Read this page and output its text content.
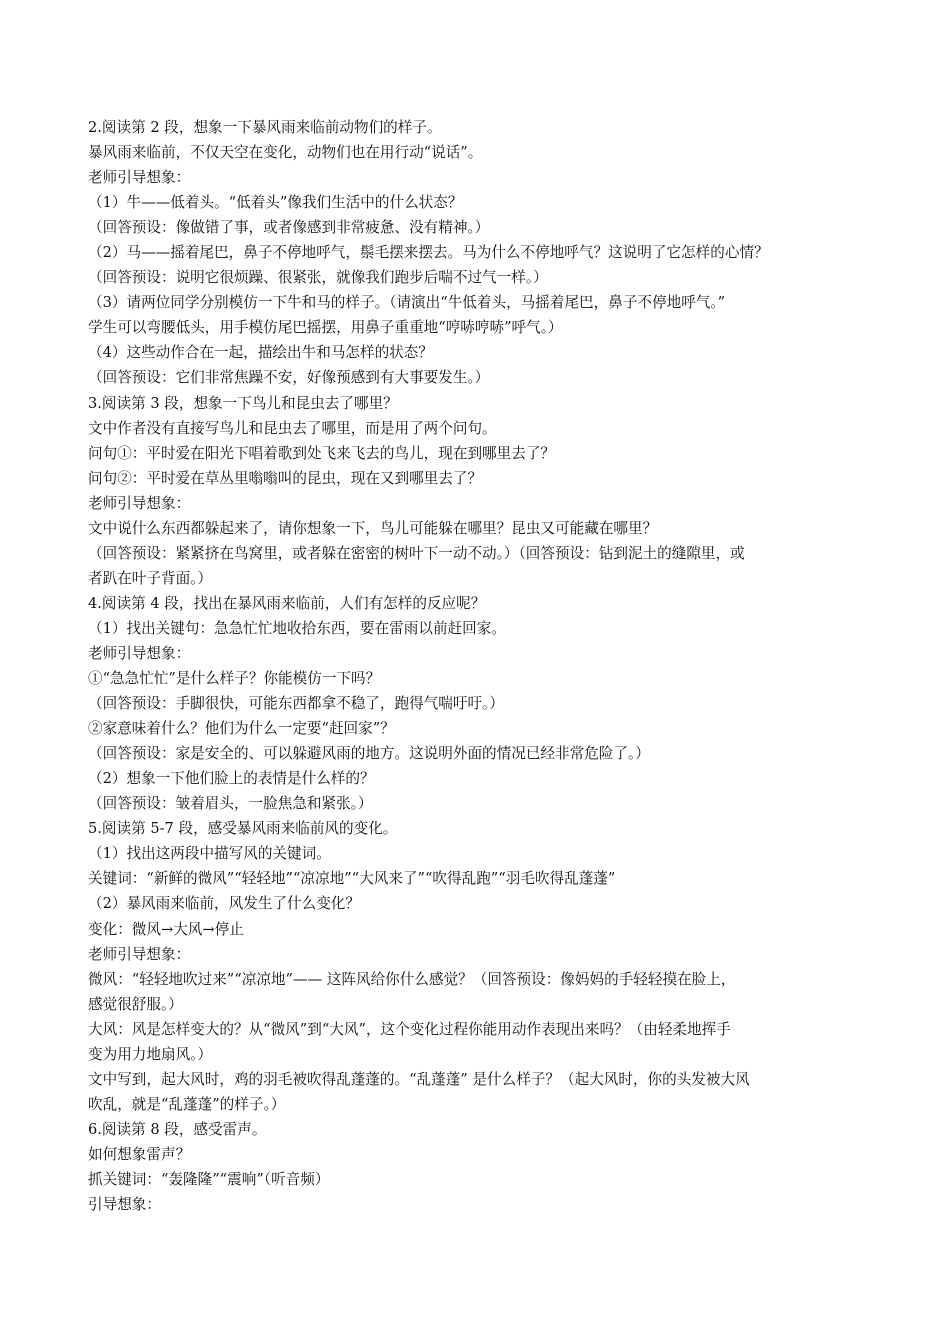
2.阅读第 2 段，想象一下暴风雨来临前动物们的样子。
暴风雨来临前，不仅天空在变化，动物们也在用行动“说话”。
老师引导想象：
（1）牛——低着头。“低着头”像我们生活中的什么状态？
（回答预设：像做错了事，或者像感到非常疲惫、没有精神。）
（2）马——摇着尾巴，鼻子不停地呼气，鬃毛摆来摆去。马为什么不停地呼气？这说明了它怎样的心情？
（回答预设：说明它很烦躁、很紧张，就像我们跑步后喘不过气一样。）
（3）请两位同学分别模仿一下牛和马的样子。（请演出“牛低着头，马摇着尾巴，鼻子不停地呼气。”
学生可以弯腰低头，用手模仿尾巴摇摆，用鼻子重重地“哼哧哼哧”呼气。）
（4）这些动作合在一起，描绘出牛和马怎样的状态？
（回答预设：它们非常焦躁不安，好像预感到有大事要发生。）
3.阅读第 3 段，想象一下鸟儿和昆虫去了哪里？
文中作者没有直接写鸟儿和昆虫去了哪里，而是用了两个问句。
问句①：平时爱在阳光下唱着歌到处飞来飞去的鸟儿，现在到哪里去了？
问句②：平时爱在草丛里嗡嗡叫的昆虫，现在又到哪里去了？
老师引导想象：
文中说什么东西都躲起来了，请你想象一下，鸟儿可能躲在哪里？昆虫又可能藏在哪里？
（回答预设：紧紧挤在鸟窝里，或者躲在密密的树叶下一动不动。）（回答预设：钻到泥土的缝隙里，或
者趴在叶子背面。）
4.阅读第 4 段，找出在暴风雨来临前，人们有怎样的反应呢？
（1）找出关键句：急急忙忙地收拾东西，要在雷雨以前赶回家。
老师引导想象：
①“急急忙忙”是什么样子？你能模仿一下吗？
（回答预设：手脚很快，可能东西都拿不稳了，跑得气喘吁吁。）
②家意味着什么？他们为什么一定要“赶回家”？
（回答预设：家是安全的、可以躲避风雨的地方。这说明外面的情况已经非常危险了。）
（2）想象一下他们脸上的表情是什么样的？
（回答预设：皱着眉头，一脸焦急和紧张。）
5.阅读第 5-7 段，感受暴风雨来临前风的变化。
（1）找出这两段中描写风的关键词。
关键词：“新鲜的微风”“轻轻地”“凉凉地”“大风来了”“吹得乱跑”“羽毛吹得乱蓬蓬”
（2）暴风雨来临前，风发生了什么变化？
变化：微风→大风→停止
老师引导想象：
微风：“轻轻地吹过来”“凉凉地”—— 这阵风给你什么感觉？（回答预设：像妈妈的手轻轻摸在脸上，
感觉很舒服。）
大风：风是怎样变大的？从“微风”到“大风”，这个变化过程你能用动作表现出来吗？（由轻柔地挥手
变为用力地扇风。）
文中写到，起大风时，鸡的羽毛被吹得乱蓬蓬的。“乱蓬蓬” 是什么样子？（起大风时，你的头发被大风
吹乱，就是“乱蓬蓬”的样子。）
6.阅读第 8 段，感受雷声。
如何想象雷声？
抓关键词：“轰隆隆”“震响”（听音频）
引导想象：
